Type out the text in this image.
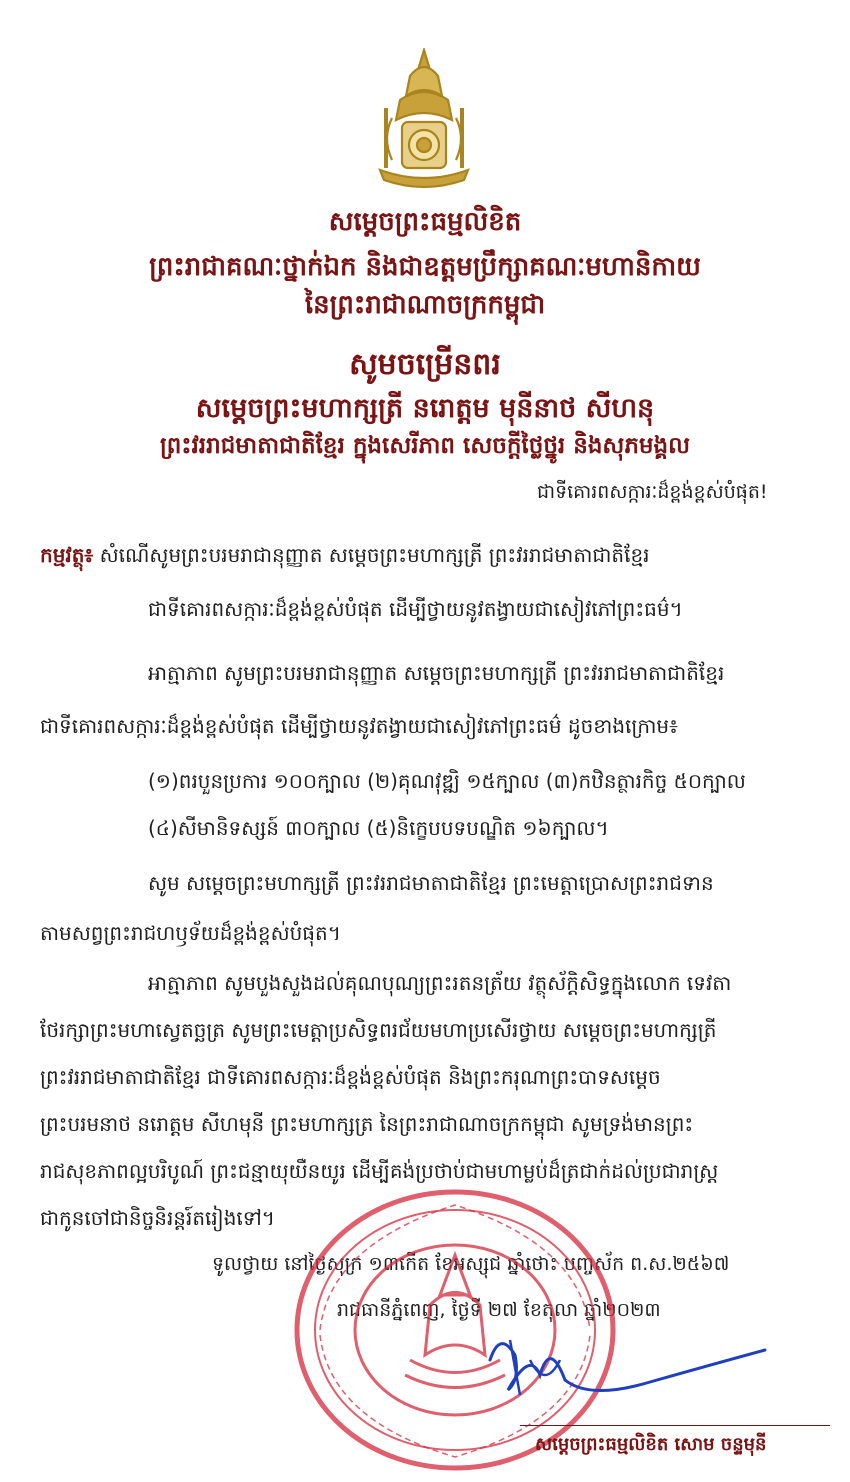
សម្តេចព្រះធម្មលិខិត
ព្រះរាជាគណៈថ្នាក់ឯក និងជាឧត្តមប្រឹក្សាគណៈមហានិកាយ
នៃព្រះរាជាណាចក្រកម្ពុជា
សូមចម្រើនពរ
សម្តេចព្រះមហាក្សត្រី នរោត្តម មុនីនាថ សីហនុ
ព្រះវររាជមាតាជាតិខ្មែរ ក្នុងសេរីភាព សេចក្តីថ្លៃថ្នូរ និងសុភមង្គល
ជាទីគោរពសក្ការៈដ៏ខ្ពង់ខ្ពស់បំផុត!
កម្មវត្ថុ៖ សំណើសូមព្រះបរមរាជានុញ្ញាត សម្តេចព្រះមហាក្សត្រី ព្រះវររាជមាតាជាតិខ្មែរ
ជាទីគោរពសក្ការៈដ៏ខ្ពង់ខ្ពស់បំផុត ដើម្បីថ្វាយនូវតង្វាយជាសៀវភៅព្រះធម៌។
អាត្មាភាព សូមព្រះបរមរាជានុញ្ញាត សម្តេចព្រះមហាក្សត្រី ព្រះវររាជមាតាជាតិខ្មែរ
ជាទីគោរពសក្ការៈដ៏ខ្ពង់ខ្ពស់បំផុត ដើម្បីថ្វាយនូវតង្វាយជាសៀវភៅព្រះធម៌ ដូចខាងក្រោម៖
(១)ពរបួនប្រការ ១០០ក្បាល (២)គុណវុឌ្ឍិ ១៥ក្បាល (៣)កឋិនត្ថារកិច្ច ៥០ក្បាល
(៤)សីមានិទស្សន៍ ៣០ក្បាល (៥)និក្ខេបបទបណ្ឌិត ១៦ក្បាល។
សូម សម្តេចព្រះមហាក្សត្រី ព្រះវររាជមាតាជាតិខ្មែរ ព្រះមេត្តាប្រោសព្រះរាជទាន
តាមសព្វព្រះរាជហឫទ័យដ៏ខ្ពង់ខ្ពស់បំផុត។
អាត្មាភាព សូមបួងសួងដល់គុណបុណ្យព្រះរតនត្រ័យ វត្ថុស័ក្តិសិទ្ធក្នុងលោក ទេវតា
ថែរក្សាព្រះមហាស្វេតច្ឆត្រ សូមព្រះមេត្តាប្រសិទ្ធពរជ័យមហាប្រសើរថ្វាយ សម្តេចព្រះមហាក្សត្រី
ព្រះវររាជមាតាជាតិខ្មែរ ជាទីគោរពសក្ការៈដ៏ខ្ពង់ខ្ពស់បំផុត និងព្រះករុណាព្រះបាទសម្តេច
ព្រះបរមនាថ នរោត្តម សីហមុនី ព្រះមហាក្សត្រ នៃព្រះរាជាណាចក្រកម្ពុជា សូមទ្រង់មានព្រះ
រាជសុខភាពល្អបរិបូណ៍ ព្រះជន្មាយុយឺនយូរ ដើម្បីគង់ប្រថាប់ជាមហាម្លប់ដ៏ត្រជាក់ដល់ប្រជារាស្ត្រ
ជាកូនចៅជានិច្ចនិរន្តរ៍តរៀងទៅ។
ទូលថ្វាយ នៅថ្ងៃសុក្រ ១៣កើត ខែអស្សុជ ឆ្នាំថោះ បញ្ចស័ក ព.ស.២៥៦៧
រាជធានីភ្នំពេញ, ថ្ងៃទី ២៧ ខែតុលា ឆ្នាំ២០២៣
សម្តេចព្រះធម្មលិខិត សោម ចន្ទមុនី
